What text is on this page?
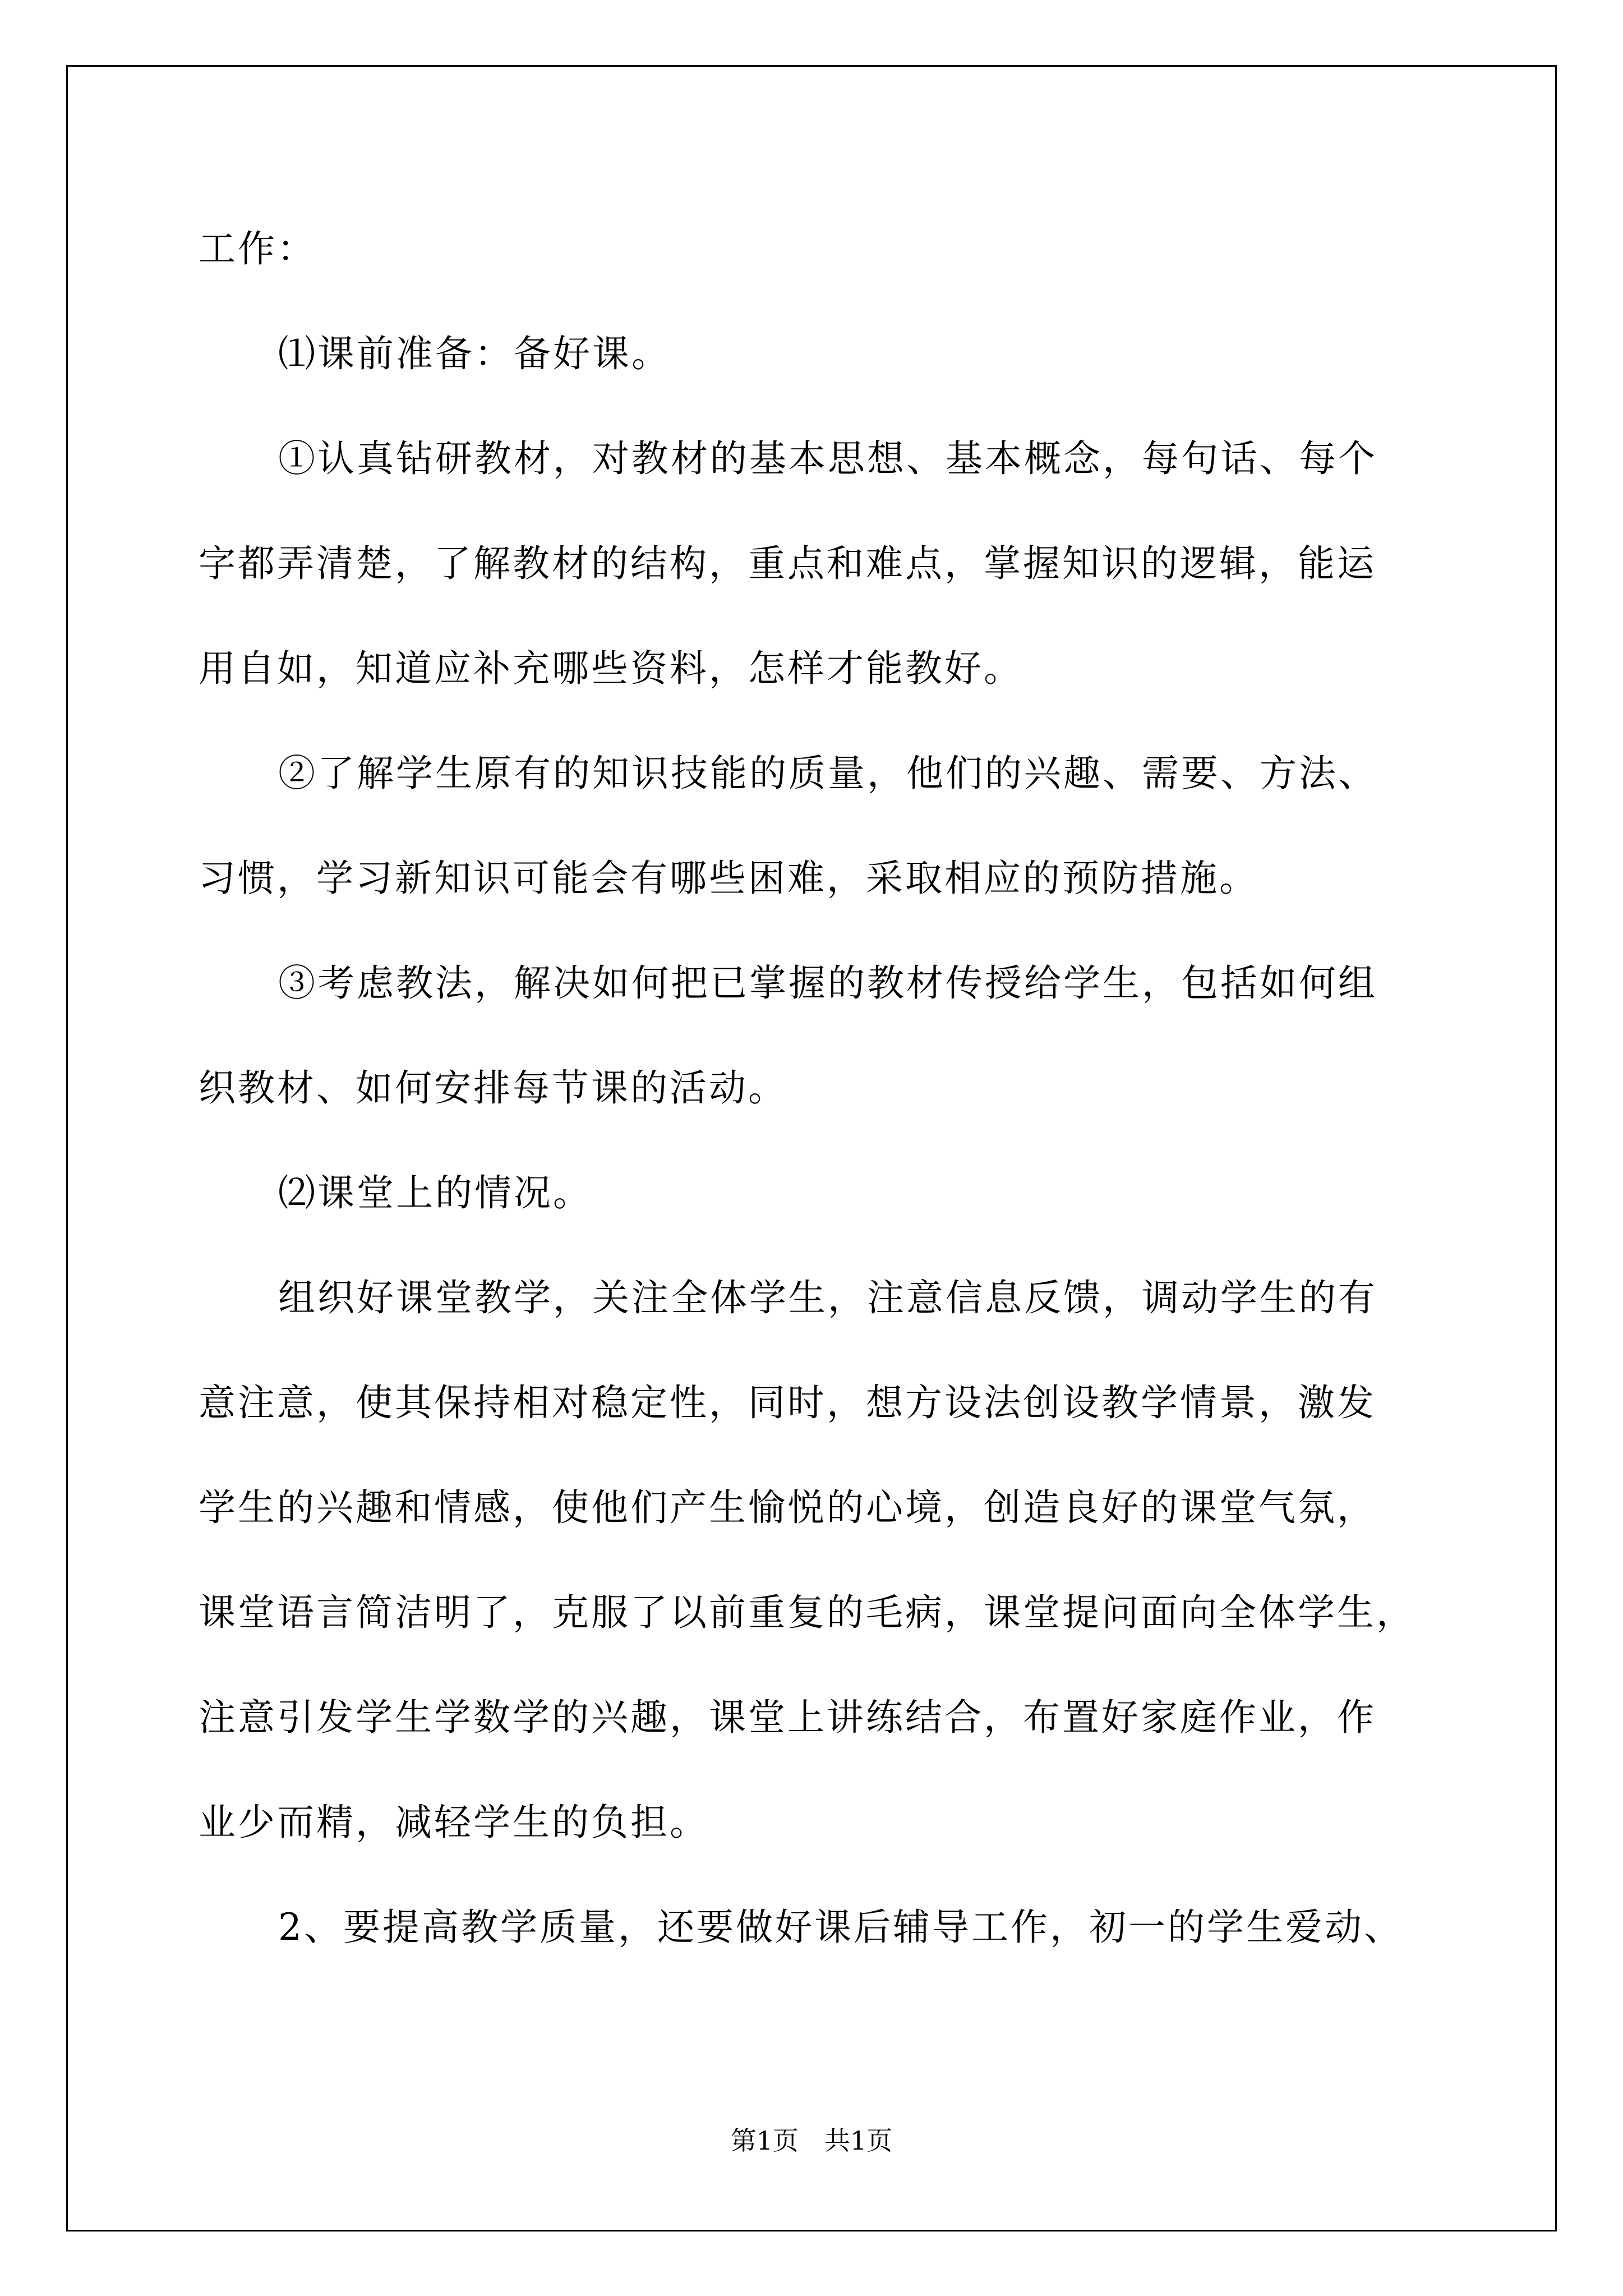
工作：
⑴课前准备：备好课。
①认真钻研教材，对教材的基本思想、基本概念，每句话、每个
字都弄清楚，了解教材的结构，重点和难点，掌握知识的逻辑，能运
用自如，知道应补充哪些资料，怎样才能教好。
②了解学生原有的知识技能的质量，他们的兴趣、需要、方法、
习惯，学习新知识可能会有哪些困难，采取相应的预防措施。
③考虑教法，解决如何把已掌握的教材传授给学生，包括如何组
织教材、如何安排每节课的活动。
⑵课堂上的情况。
组织好课堂教学，关注全体学生，注意信息反馈，调动学生的有
意注意，使其保持相对稳定性，同时，想方设法创设教学情景，激发
学生的兴趣和情感，使他们产生愉悦的心境，创造良好的课堂气氛，
课堂语言简洁明了，克服了以前重复的毛病，课堂提问面向全体学生，
注意引发学生学数学的兴趣，课堂上讲练结合，布置好家庭作业，作
业少而精，减轻学生的负担。
2、要提高教学质量，还要做好课后辅导工作，初一的学生爱动、
第1页　共1页
